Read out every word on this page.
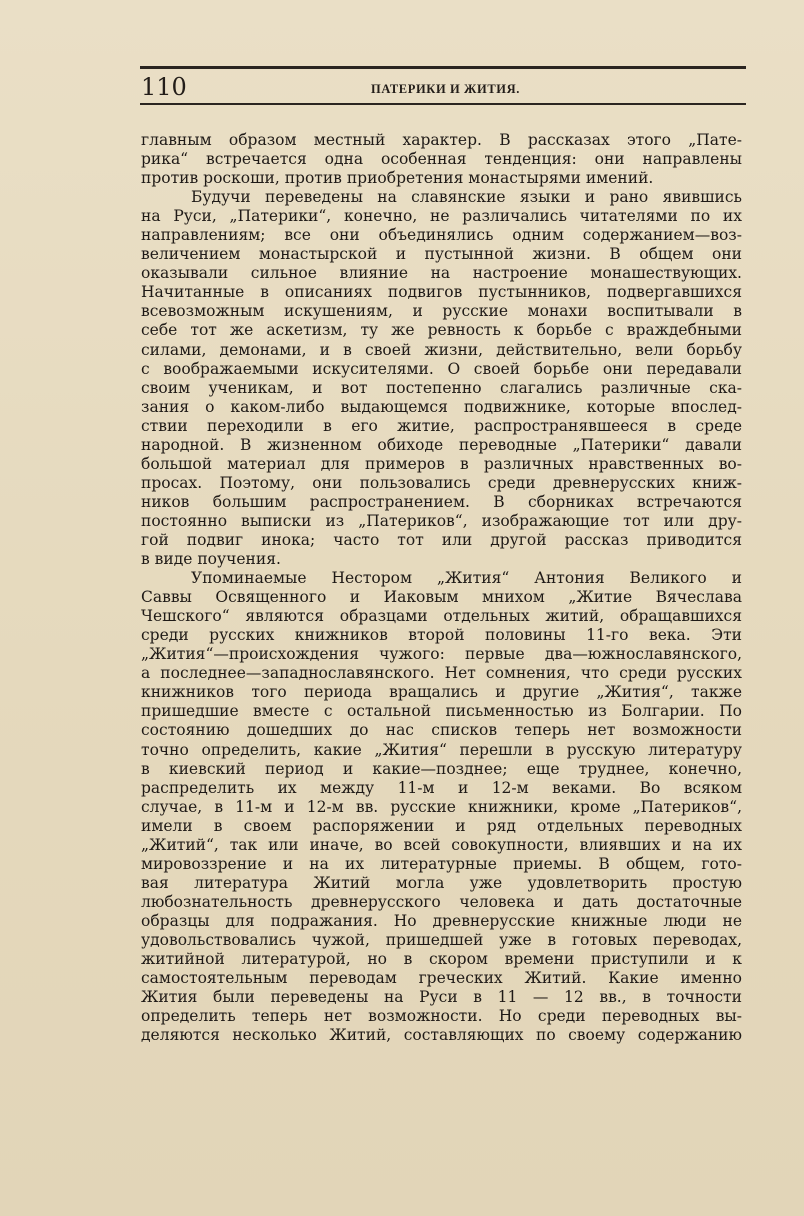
110	ПАТЕРИКИ И ЖИТИЯ.
главным образом местный характер. В рассказах этого „Пате-
рика“ встречается одна особенная тенденция: они направлены
против роскоши, против приобретения монастырями имений.
Будучи переведены на славянские языки и рано явившись
на Руси, „Патерики“, конечно, не различались читателями по их
направлениям; все они объединялись одним содержанием—воз-
величением монастырской и пустынной жизни. В общем они
оказывали сильное влияние на настроение монашествующих.
Начитанные в описаниях подвигов пустынников, подвергавшихся
всевозможным искушениям, и русские монахи воспитывали в
себе тот же аскетизм, ту же ревность к борьбе с враждебными
силами, демонами, и в своей жизни, действительно, вели борьбу
с воображаемыми искусителями. О своей борьбе они передавали
своим ученикам, и вот постепенно слагались различные ска-
зания о каком-либо выдающемся подвижнике, которые впослед-
ствии переходили в его житие, распространявшееся в среде
народной. В жизненном обиходе переводные „Патерики“ давали
большой материал для примеров в различных нравственных во-
просах. Поэтому, они пользовались среди древнерусских книж-
ников большим распространением. В сборниках встречаются
постоянно выписки из „Патериков“, изображающие тот или дру-
гой подвиг инока; часто тот или другой рассказ приводится
в виде поучения.
Упоминаемые Нестором „Жития“ Антония Великого и
Саввы Освященного и Иаковым мнихом „Житие Вячеслава
Чешского“ являются образцами отдельных житий, обращавшихся
среди русских книжников второй половины 11-го века. Эти
„Жития“—происхождения чужого: первые два—южнославянского,
а последнее—западнославянского. Нет сомнения, что среди русских
книжников того периода вращались и другие „Жития“, также
пришедшие вместе с остальной письменностью из Болгарии. По
состоянию дошедших до нас списков теперь нет возможности
точно определить, какие „Жития“ перешли в русскую литературу
в киевский период и какие—позднее; еще труднее, конечно,
распределить их между 11-м и 12-м веками. Во всяком
случае, в 11-м и 12-м вв. русские книжники, кроме „Патериков“,
имели в своем распоряжении и ряд отдельных переводных
„Житий“, так или иначе, во всей совокупности, влиявших и на их
мировоззрение и на их литературные приемы. В общем, гото-
вая литература Житий могла уже удовлетворить простую
любознательность древнерусского человека и дать достаточные
образцы для подражания. Но древнерусские книжные люди не
удовольствовались чужой, пришедшей уже в готовых переводах,
житийной литературой, но в скором времени приступили и к
самостоятельным переводам греческих Житий. Какие именно
Жития были переведены на Руси в 11 — 12 вв., в точности
определить теперь нет возможности. Но среди переводных вы-
деляются несколько Житий, составляющих по своему содержанию
